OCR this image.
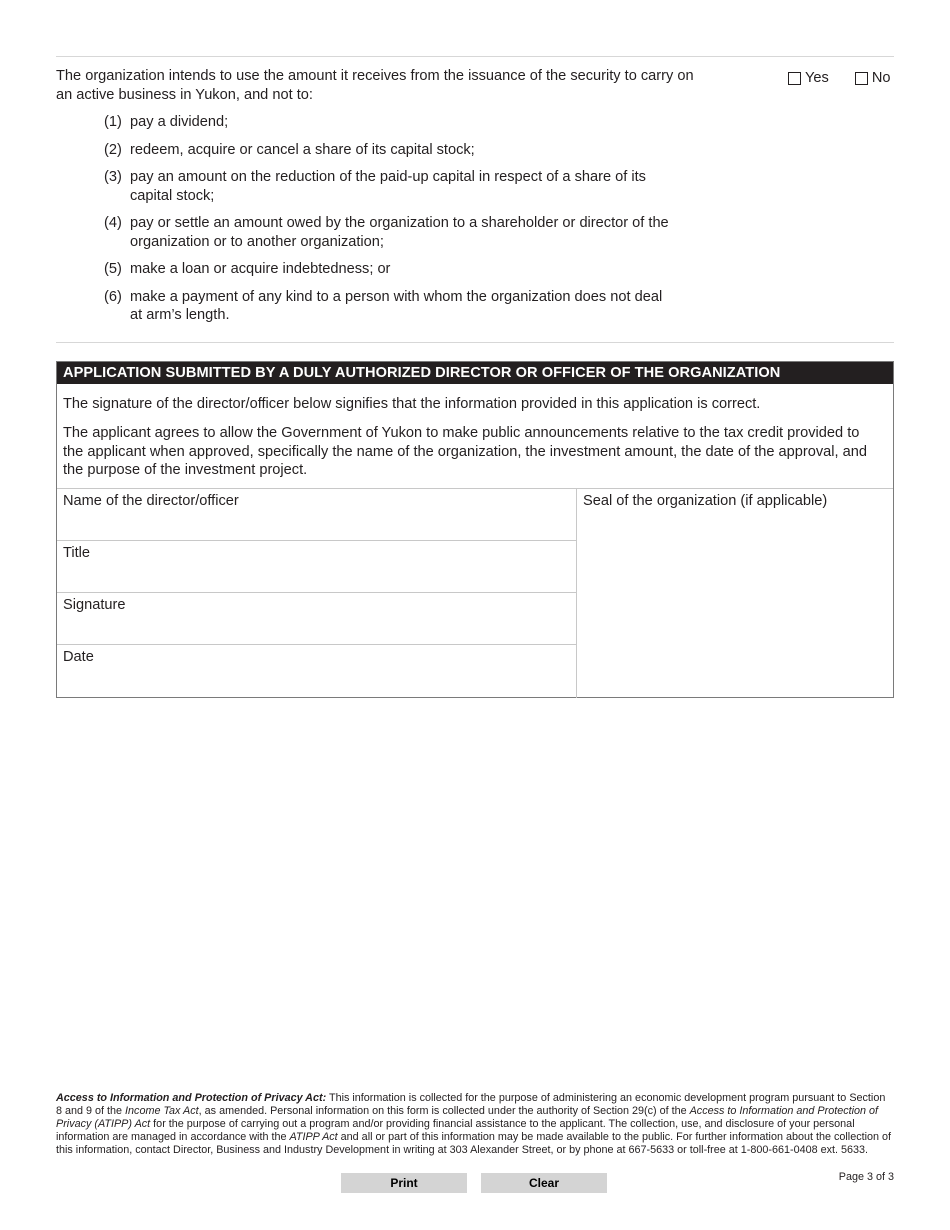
The organization intends to use the amount it receives from the issuance of the security to carry on an active business in Yukon, and not to:
Yes	No
(1) pay a dividend;
(2) redeem, acquire or cancel a share of its capital stock;
(3) pay an amount on the reduction of the paid-up capital in respect of a share of its capital stock;
(4) pay or settle an amount owed by the organization to a shareholder or director of the organization or to another organization;
(5) make a loan or acquire indebtedness; or
(6) make a payment of any kind to a person with whom the organization does not deal at arm’s length.
APPLICATION SUBMITTED BY A DULY AUTHORIZED DIRECTOR OR OFFICER OF THE ORGANIZATION
The signature of the director/officer below signifies that the information provided in this application is correct.
The applicant agrees to allow the Government of Yukon to make public announcements relative to the tax credit provided to the applicant when approved, specifically the name of the organization, the investment amount, the date of the approval, and the purpose of the investment project.
Name of the director/officer
Title
Signature
Date
Seal of the organization (if applicable)
Access to Information and Protection of Privacy Act: This information is collected for the purpose of administering an economic development program pursuant to Section 8 and 9 of the Income Tax Act, as amended. Personal information on this form is collected under the authority of Section 29(c) of the Access to Information and Protection of Privacy (ATIPP) Act for the purpose of carrying out a program and/or providing financial assistance to the applicant. The collection, use, and disclosure of your personal information are managed in accordance with the ATIPP Act and all or part of this information may be made available to the public. For further information about the collection of this information, contact Director, Business and Industry Development in writing at 303 Alexander Street, or by phone at 667-5633 or toll-free at 1-800-661-0408 ext. 5633.
Page 3 of 3
Print	Clear
